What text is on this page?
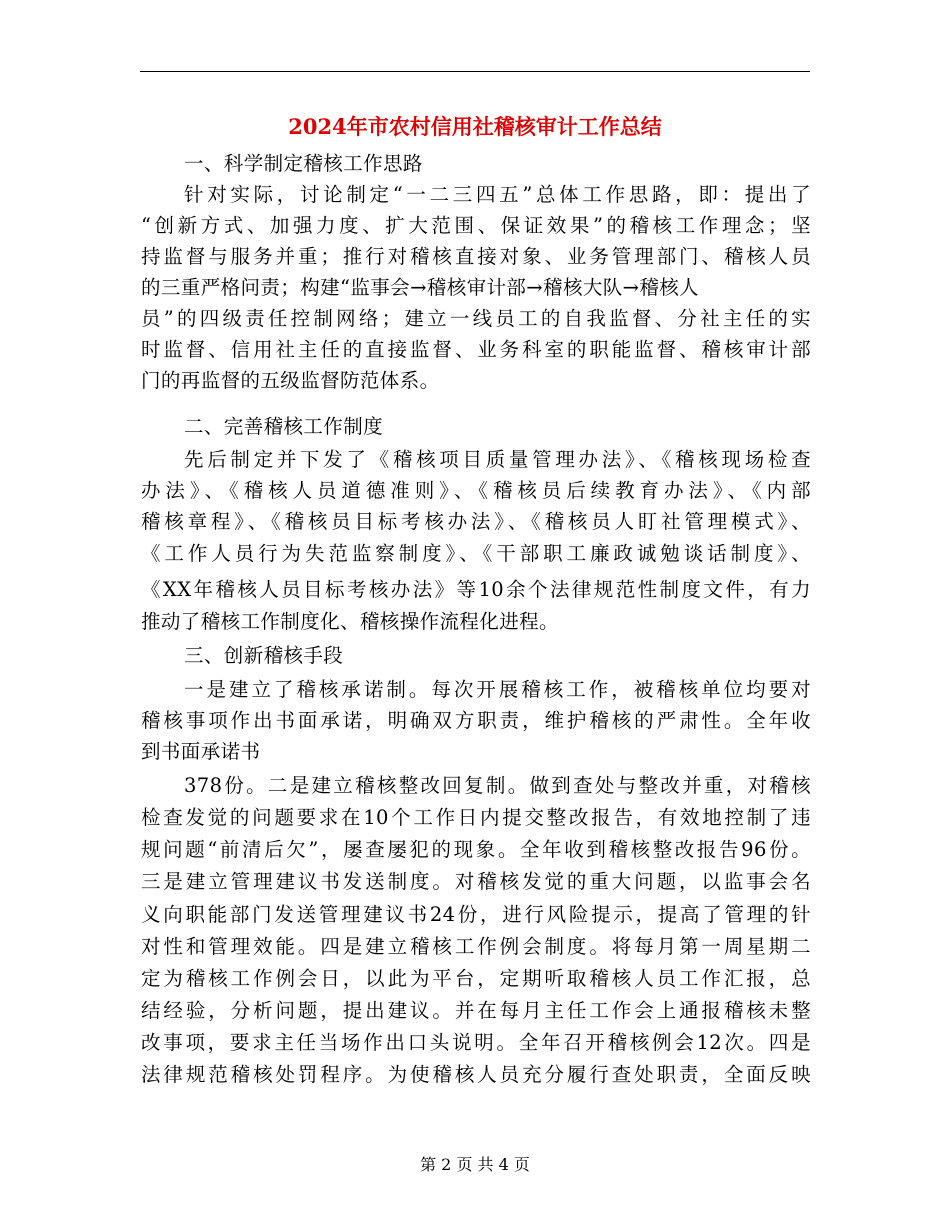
2024年市农村信用社稽核审计工作总结
一、科学制定稽核工作思路
针对实际，讨论制定“一二三四五”总体工作思路，即：提出了
“创新方式、加强力度、扩大范围、保证效果”的稽核工作理念；坚
持监督与服务并重；推行对稽核直接对象、业务管理部门、稽核人员
的三重严格问责；构建“监事会→稽核审计部→稽核大队→稽核人
员”的四级责任控制网络；建立一线员工的自我监督、分社主任的实
时监督、信用社主任的直接监督、业务科室的职能监督、稽核审计部
门的再监督的五级监督防范体系。
二、完善稽核工作制度
先后制定并下发了《稽核项目质量管理办法》、《稽核现场检查
办法》、《稽核人员道德准则》、《稽核员后续教育办法》、《内部
稽核章程》、《稽核员目标考核办法》、《稽核员人盯社管理模式》、
《工作人员行为失范监察制度》、《干部职工廉政诚勉谈话制度》、
《XX年稽核人员目标考核办法》等10余个法律规范性制度文件，有力
推动了稽核工作制度化、稽核操作流程化进程。
三、创新稽核手段
一是建立了稽核承诺制。每次开展稽核工作，被稽核单位均要对
稽核事项作出书面承诺，明确双方职责，维护稽核的严肃性。全年收
到书面承诺书
378份。二是建立稽核整改回复制。做到查处与整改并重，对稽核
检查发觉的问题要求在10个工作日内提交整改报告，有效地控制了违
规问题“前清后欠”，屡查屡犯的现象。全年收到稽核整改报告96份。
三是建立管理建议书发送制度。对稽核发觉的重大问题，以监事会名
义向职能部门发送管理建议书24份，进行风险提示，提高了管理的针
对性和管理效能。四是建立稽核工作例会制度。将每月第一周星期二
定为稽核工作例会日，以此为平台，定期听取稽核人员工作汇报，总
结经验，分析问题，提出建议。并在每月主任工作会上通报稽核未整
改事项，要求主任当场作出口头说明。全年召开稽核例会12次。四是
法律规范稽核处罚程序。为使稽核人员充分履行查处职责，全面反映
第 2 页 共 4 页
